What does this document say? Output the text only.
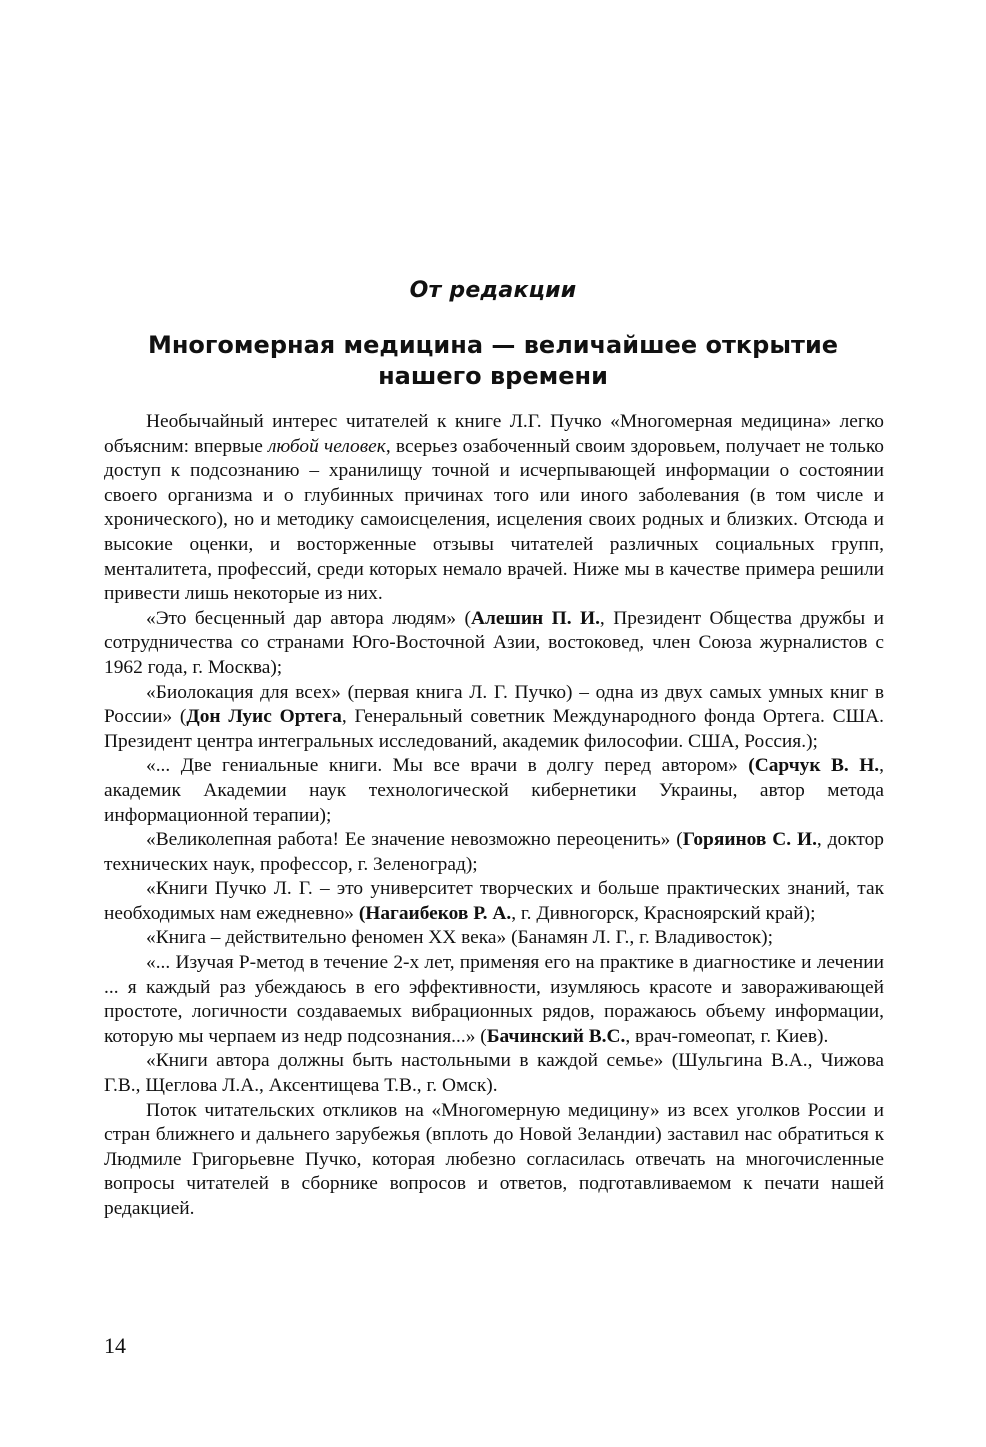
От редакции
Многомерная медицина — величайшее открытие
нашего времени

Необычайный интерес читателей к книге Л.Г. Пучко «Многомерная медицина» легко объясним: впервые любой человек, всерьез озабоченный своим здоровьем, получает не только доступ к подсознанию – хранилищу точной и исчерпывающей информации о состоянии своего организма и о глубинных причинах того или иного заболевания (в том числе и хронического), но и методику самоисцеления, исцеления своих родных и близких. Отсюда и высокие оценки, и восторженные отзывы читателей различных социальных групп, менталитета, профессий, среди которых немало врачей. Ниже мы в качестве примера решили привести лишь некоторые из них.

«Это бесценный дар автора людям» (Алешин П. И., Президент Общества дружбы и сотрудничества со странами Юго-Восточной Азии, востоковед, член Союза журналистов с 1962 года, г. Москва);

«Биолокация для всех» (первая книга Л. Г. Пучко) – одна из двух самых умных книг в России» (Дон Луис Ортега, Генеральный советник Международного фонда Ортега. США. Президент центра интегральных исследований, академик философии. США, Россия.);

«... Две гениальные книги. Мы все врачи в долгу перед автором» (Сарчук В. Н., академик Академии наук технологической кибернетики Украины, автор метода информационной терапии);

«Великолепная работа! Ее значение невозможно переоценить» (Горяинов С. И., доктор технических наук, профессор, г. Зеленоград);

«Книги Пучко Л. Г. – это университет творческих и больше практических знаний, так необходимых нам ежедневно» (Нагаибеков Р. А., г. Дивногорск, Красноярский край);

«Книга – действительно феномен XX века» (Банамян Л. Г., г. Владивосток);

«... Изучая Р-метод в течение 2-х лет, применяя его на практике в диагностике и лечении ... я каждый раз убеждаюсь в его эффективности, изумляюсь красоте и завораживающей простоте, логичности создаваемых вибрационных рядов, поражаюсь объему информации, которую мы черпаем из недр подсознания...» (Бачинский В.С., врач-гомеопат, г. Киев).

«Книги автора должны быть настольными в каждой семье» (Шульгина В.А., Чижова Г.В., Щеглова Л.А., Аксентищева Т.В., г. Омск).

Поток читательских откликов на «Многомерную медицину» из всех уголков России и стран ближнего и дальнего зарубежья (вплоть до Новой Зеландии) заставил нас обратиться к Людмиле Григорьевне Пучко, которая любезно согласилась отвечать на многочисленные вопросы читателей в сборнике вопросов и ответов, подготавливаемом к печати нашей редакцией.

14
